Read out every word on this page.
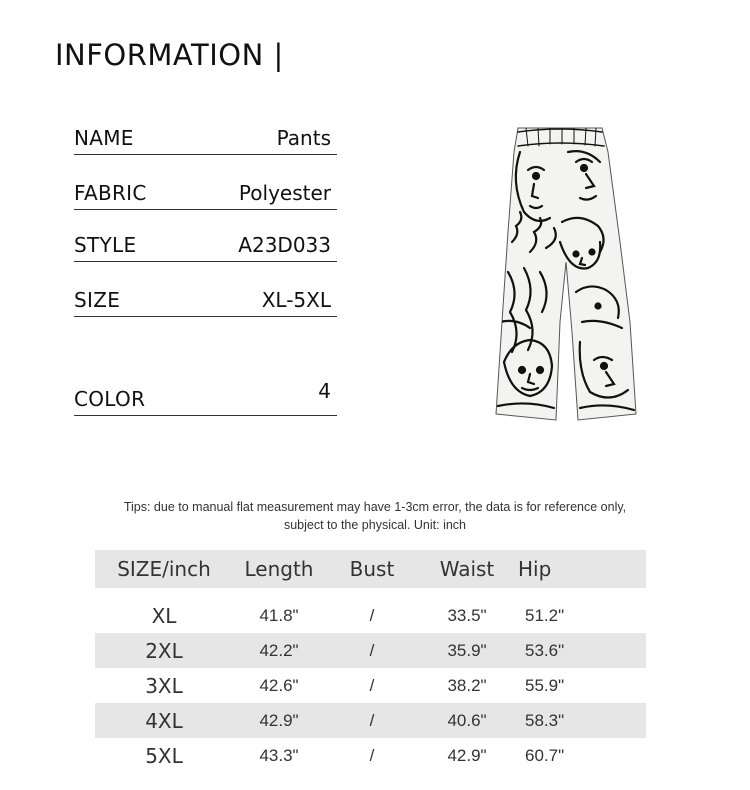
INFORMATION |
NAME	Pants
FABRIC	Polyester
STYLE	A23D033
SIZE	XL-5XL
COLOR	4
Tips: due to manual flat measurement may have 1-3cm error, the data is for reference only,
subject to the physical. Unit: inch
SIZE/inch	Length	Bust	Waist	Hip
XL	41.8"	/	33.5"	51.2"
2XL	42.2"	/	35.9"	53.6"
3XL	42.6"	/	38.2"	55.9"
4XL	42.9"	/	40.6"	58.3"
5XL	43.3"	/	42.9"	60.7"
